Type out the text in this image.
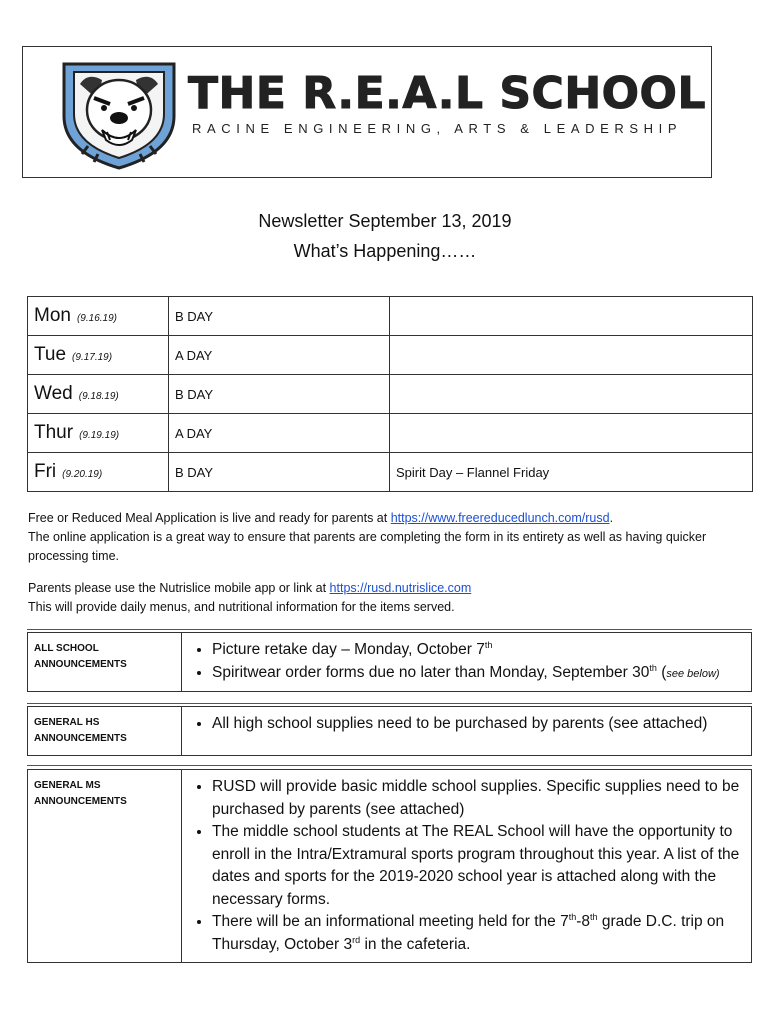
THE R.E.A.L SCHOOL
RACINE ENGINEERING, ARTS & LEADERSHIP
Newsletter September 13, 2019
What’s Happening……
Mon (9.16.19)	B DAY	
Tue (9.17.19)	A DAY	
Wed (9.18.19)	B DAY	
Thur (9.19.19)	A DAY	
Fri (9.20.19)	B DAY	Spirit Day – Flannel Friday
Free or Reduced Meal Application is live and ready for parents at https://www.freereducedlunch.com/rusd.
The online application is a great way to ensure that parents are completing the form in its entirety as well as having quicker processing time.
Parents please use the Nutrislice mobile app or link at https://rusd.nutrislice.com
This will provide daily menus, and nutritional information for the items served.
ALL SCHOOL
ANNOUNCEMENTS	
• Picture retake day – Monday, October 7th
• Spiritwear order forms due no later than Monday, September 30th (see below)
GENERAL HS
ANNOUNCEMENTS	
• All high school supplies need to be purchased by parents (see attached)
GENERAL MS
ANNOUNCEMENTS	
• RUSD will provide basic middle school supplies. Specific supplies need to be purchased by parents (see attached)
• The middle school students at The REAL School will have the opportunity to enroll in the Intra/Extramural sports program throughout this year. A list of the dates and sports for the 2019-2020 school year is attached along with the necessary forms.
• There will be an informational meeting held for the 7th-8th grade D.C. trip on Thursday, October 3rd in the cafeteria.
